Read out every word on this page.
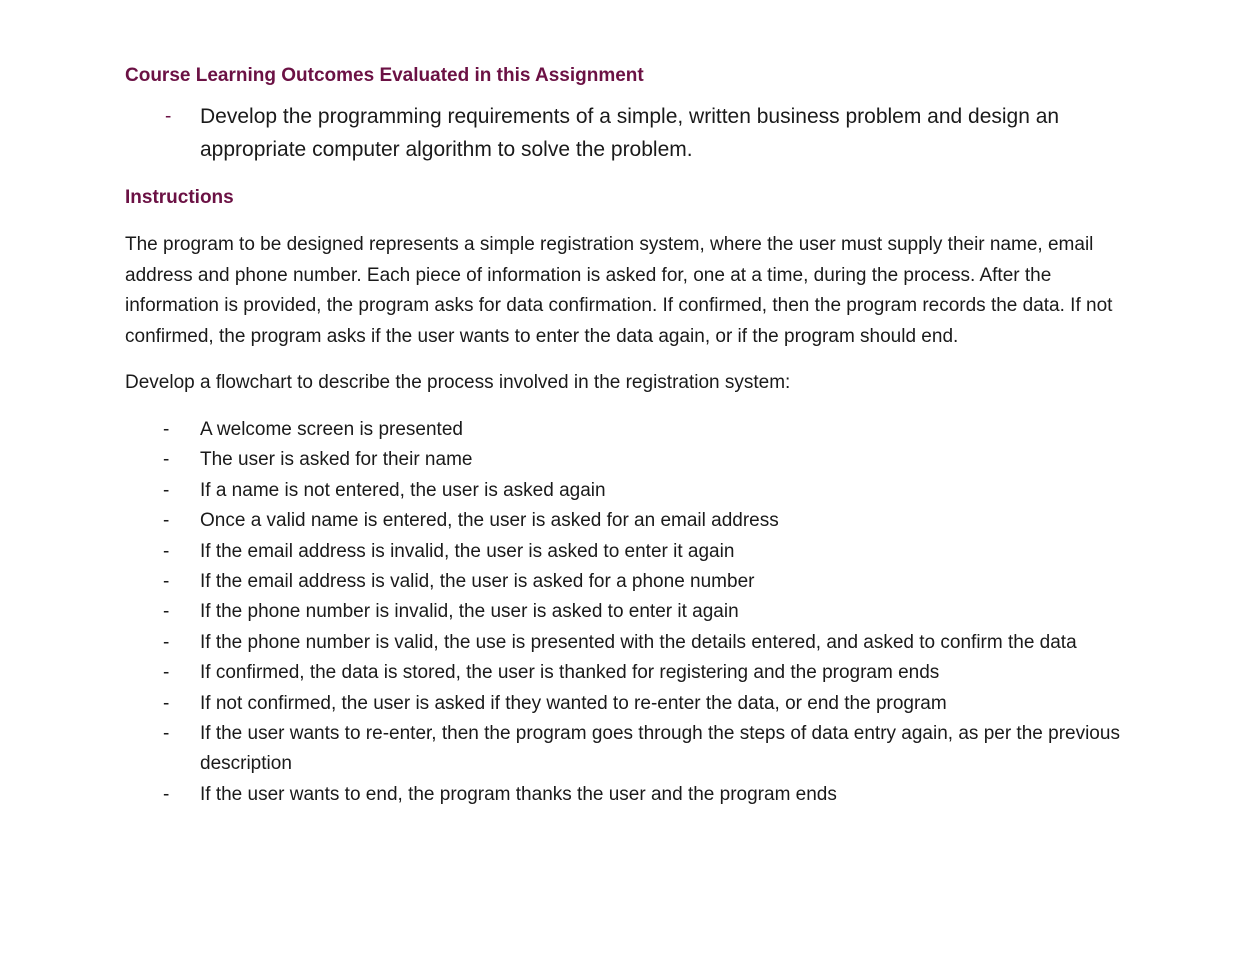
Course Learning Outcomes Evaluated in this Assignment
- Develop the programming requirements of a simple, written business problem and design an appropriate computer algorithm to solve the problem.
Instructions

The program to be designed represents a simple registration system, where the user must supply their name, email address and phone number. Each piece of information is asked for, one at a time, during the process. After the information is provided, the program asks for data confirmation. If confirmed, then the program records the data. If not confirmed, the program asks if the user wants to enter the data again, or if the program should end.

Develop a flowchart to describe the process involved in the registration system:

- A welcome screen is presented
- The user is asked for their name
- If a name is not entered, the user is asked again
- Once a valid name is entered, the user is asked for an email address
- If the email address is invalid, the user is asked to enter it again
- If the email address is valid, the user is asked for a phone number
- If the phone number is invalid, the user is asked to enter it again
- If the phone number is valid, the use is presented with the details entered, and asked to confirm the data
- If confirmed, the data is stored, the user is thanked for registering and the program ends
- If not confirmed, the user is asked if they wanted to re-enter the data, or end the program
- If the user wants to re-enter, then the program goes through the steps of data entry again, as per the previous description
- If the user wants to end, the program thanks the user and the program ends
